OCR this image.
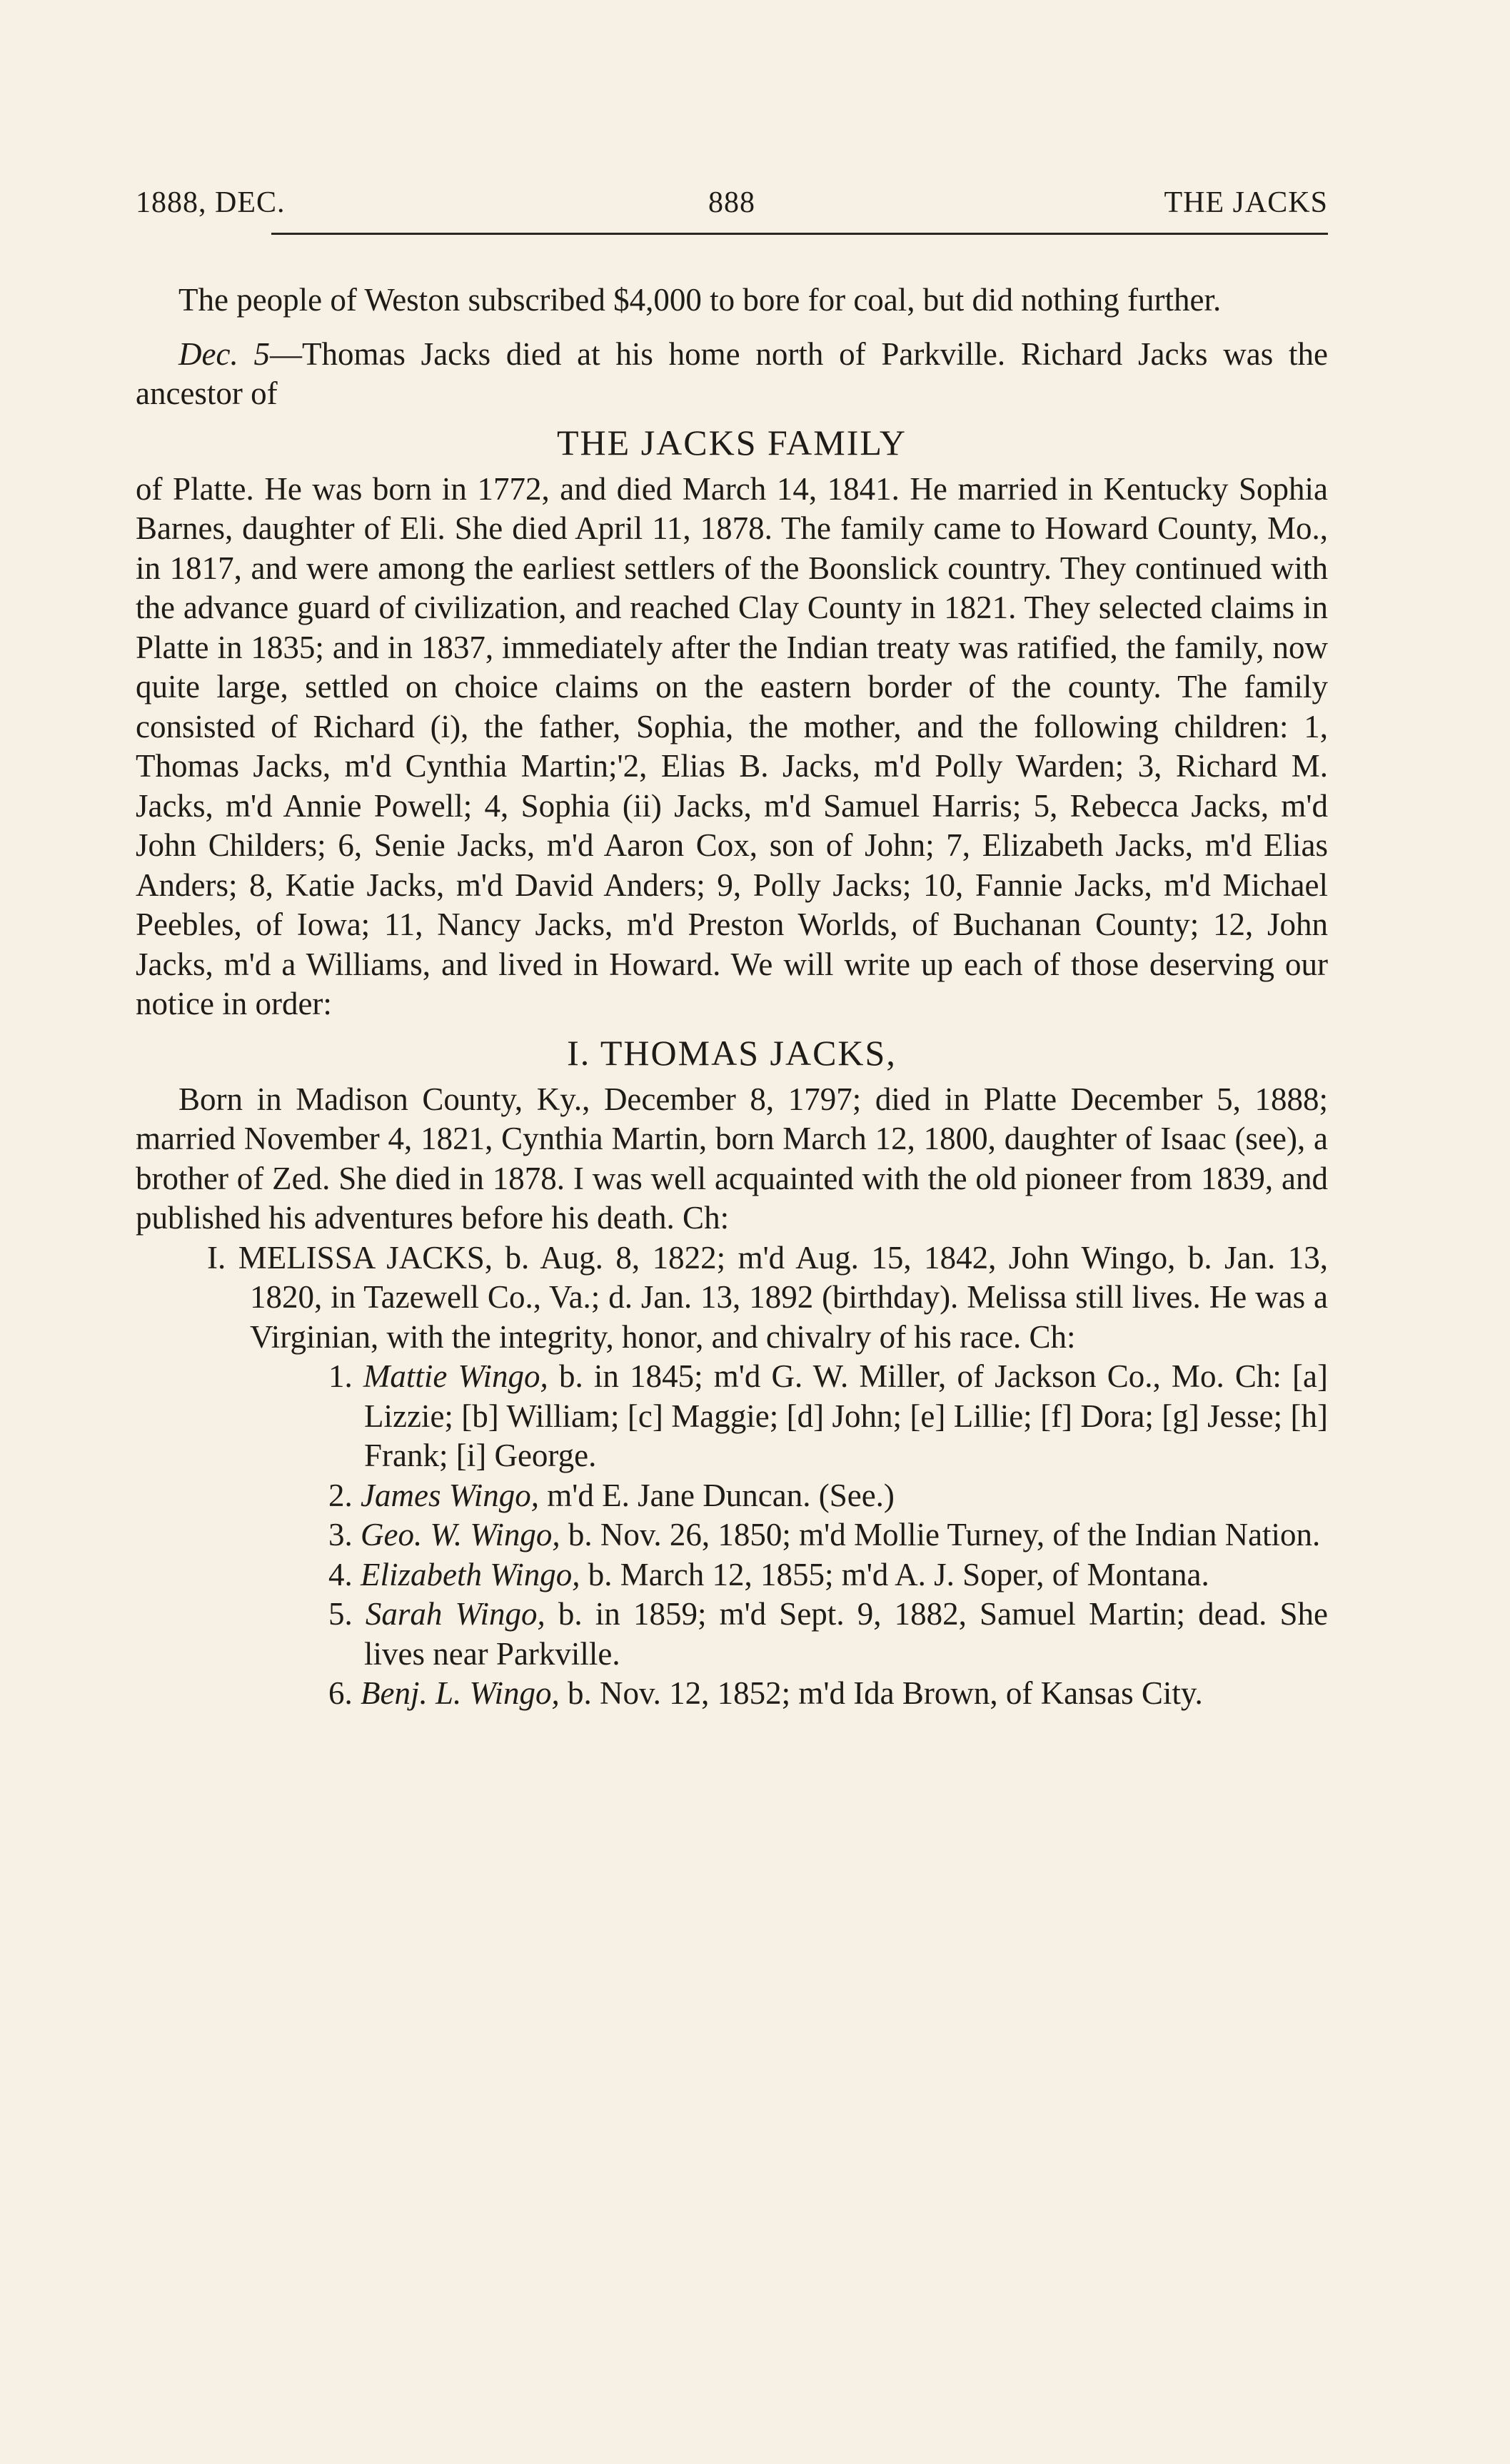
1888, DEC.	888	THE JACKS

The people of Weston subscribed $4,000 to bore for coal, but did nothing further.

Dec. 5—Thomas Jacks died at his home north of Parkville. Richard Jacks was the ancestor of

THE JACKS FAMILY

of Platte. He was born in 1772, and died March 14, 1841. He married in Kentucky Sophia Barnes, daughter of Eli. She died April 11, 1878. The family came to Howard County, Mo., in 1817, and were among the earliest settlers of the Boonslick country. They continued with the advance guard of civilization, and reached Clay County in 1821. They selected claims in Platte in 1835; and in 1837, immediately after the Indian treaty was ratified, the family, now quite large, settled on choice claims on the eastern border of the county. The family consisted of Richard (i), the father, Sophia, the mother, and the following children: 1, Thomas Jacks, m'd Cynthia Martin;'2, Elias B. Jacks, m'd Polly Warden; 3, Richard M. Jacks, m'd Annie Powell; 4, Sophia (ii) Jacks, m'd Samuel Harris; 5, Rebecca Jacks, m'd John Childers; 6, Senie Jacks, m'd Aaron Cox, son of John; 7, Elizabeth Jacks, m'd Elias Anders; 8, Katie Jacks, m'd David Anders; 9, Polly Jacks; 10, Fannie Jacks, m'd Michael Peebles, of Iowa; 11, Nancy Jacks, m'd Preston Worlds, of Buchanan County; 12, John Jacks, m'd a Williams, and lived in Howard. We will write up each of those deserving our notice in order:

I. THOMAS JACKS,

Born in Madison County, Ky., December 8, 1797; died in Platte December 5, 1888; married November 4, 1821, Cynthia Martin, born March 12, 1800, daughter of Isaac (see), a brother of Zed. She died in 1878. I was well acquainted with the old pioneer from 1839, and published his adventures before his death. Ch:

I. MELISSA JACKS, b. Aug. 8, 1822; m'd Aug. 15, 1842, John Wingo, b. Jan. 13, 1820, in Tazewell Co., Va.; d. Jan. 13, 1892 (birthday). Melissa still lives. He was a Virginian, with the integrity, honor, and chivalry of his race. Ch:

1. Mattie Wingo, b. in 1845; m'd G. W. Miller, of Jackson Co., Mo. Ch: [a] Lizzie; [b] William; [c] Maggie; [d] John; [e] Lillie; [f] Dora; [g] Jesse; [h] Frank; [i] George.

2. James Wingo, m'd E. Jane Duncan. (See.)

3. Geo. W. Wingo, b. Nov. 26, 1850; m'd Mollie Turney, of the Indian Nation.

4. Elizabeth Wingo, b. March 12, 1855; m'd A. J. Soper, of Montana.

5. Sarah Wingo, b. in 1859; m'd Sept. 9, 1882, Samuel Martin; dead. She lives near Parkville.

6. Benj. L. Wingo, b. Nov. 12, 1852; m'd Ida Brown, of Kansas City.
